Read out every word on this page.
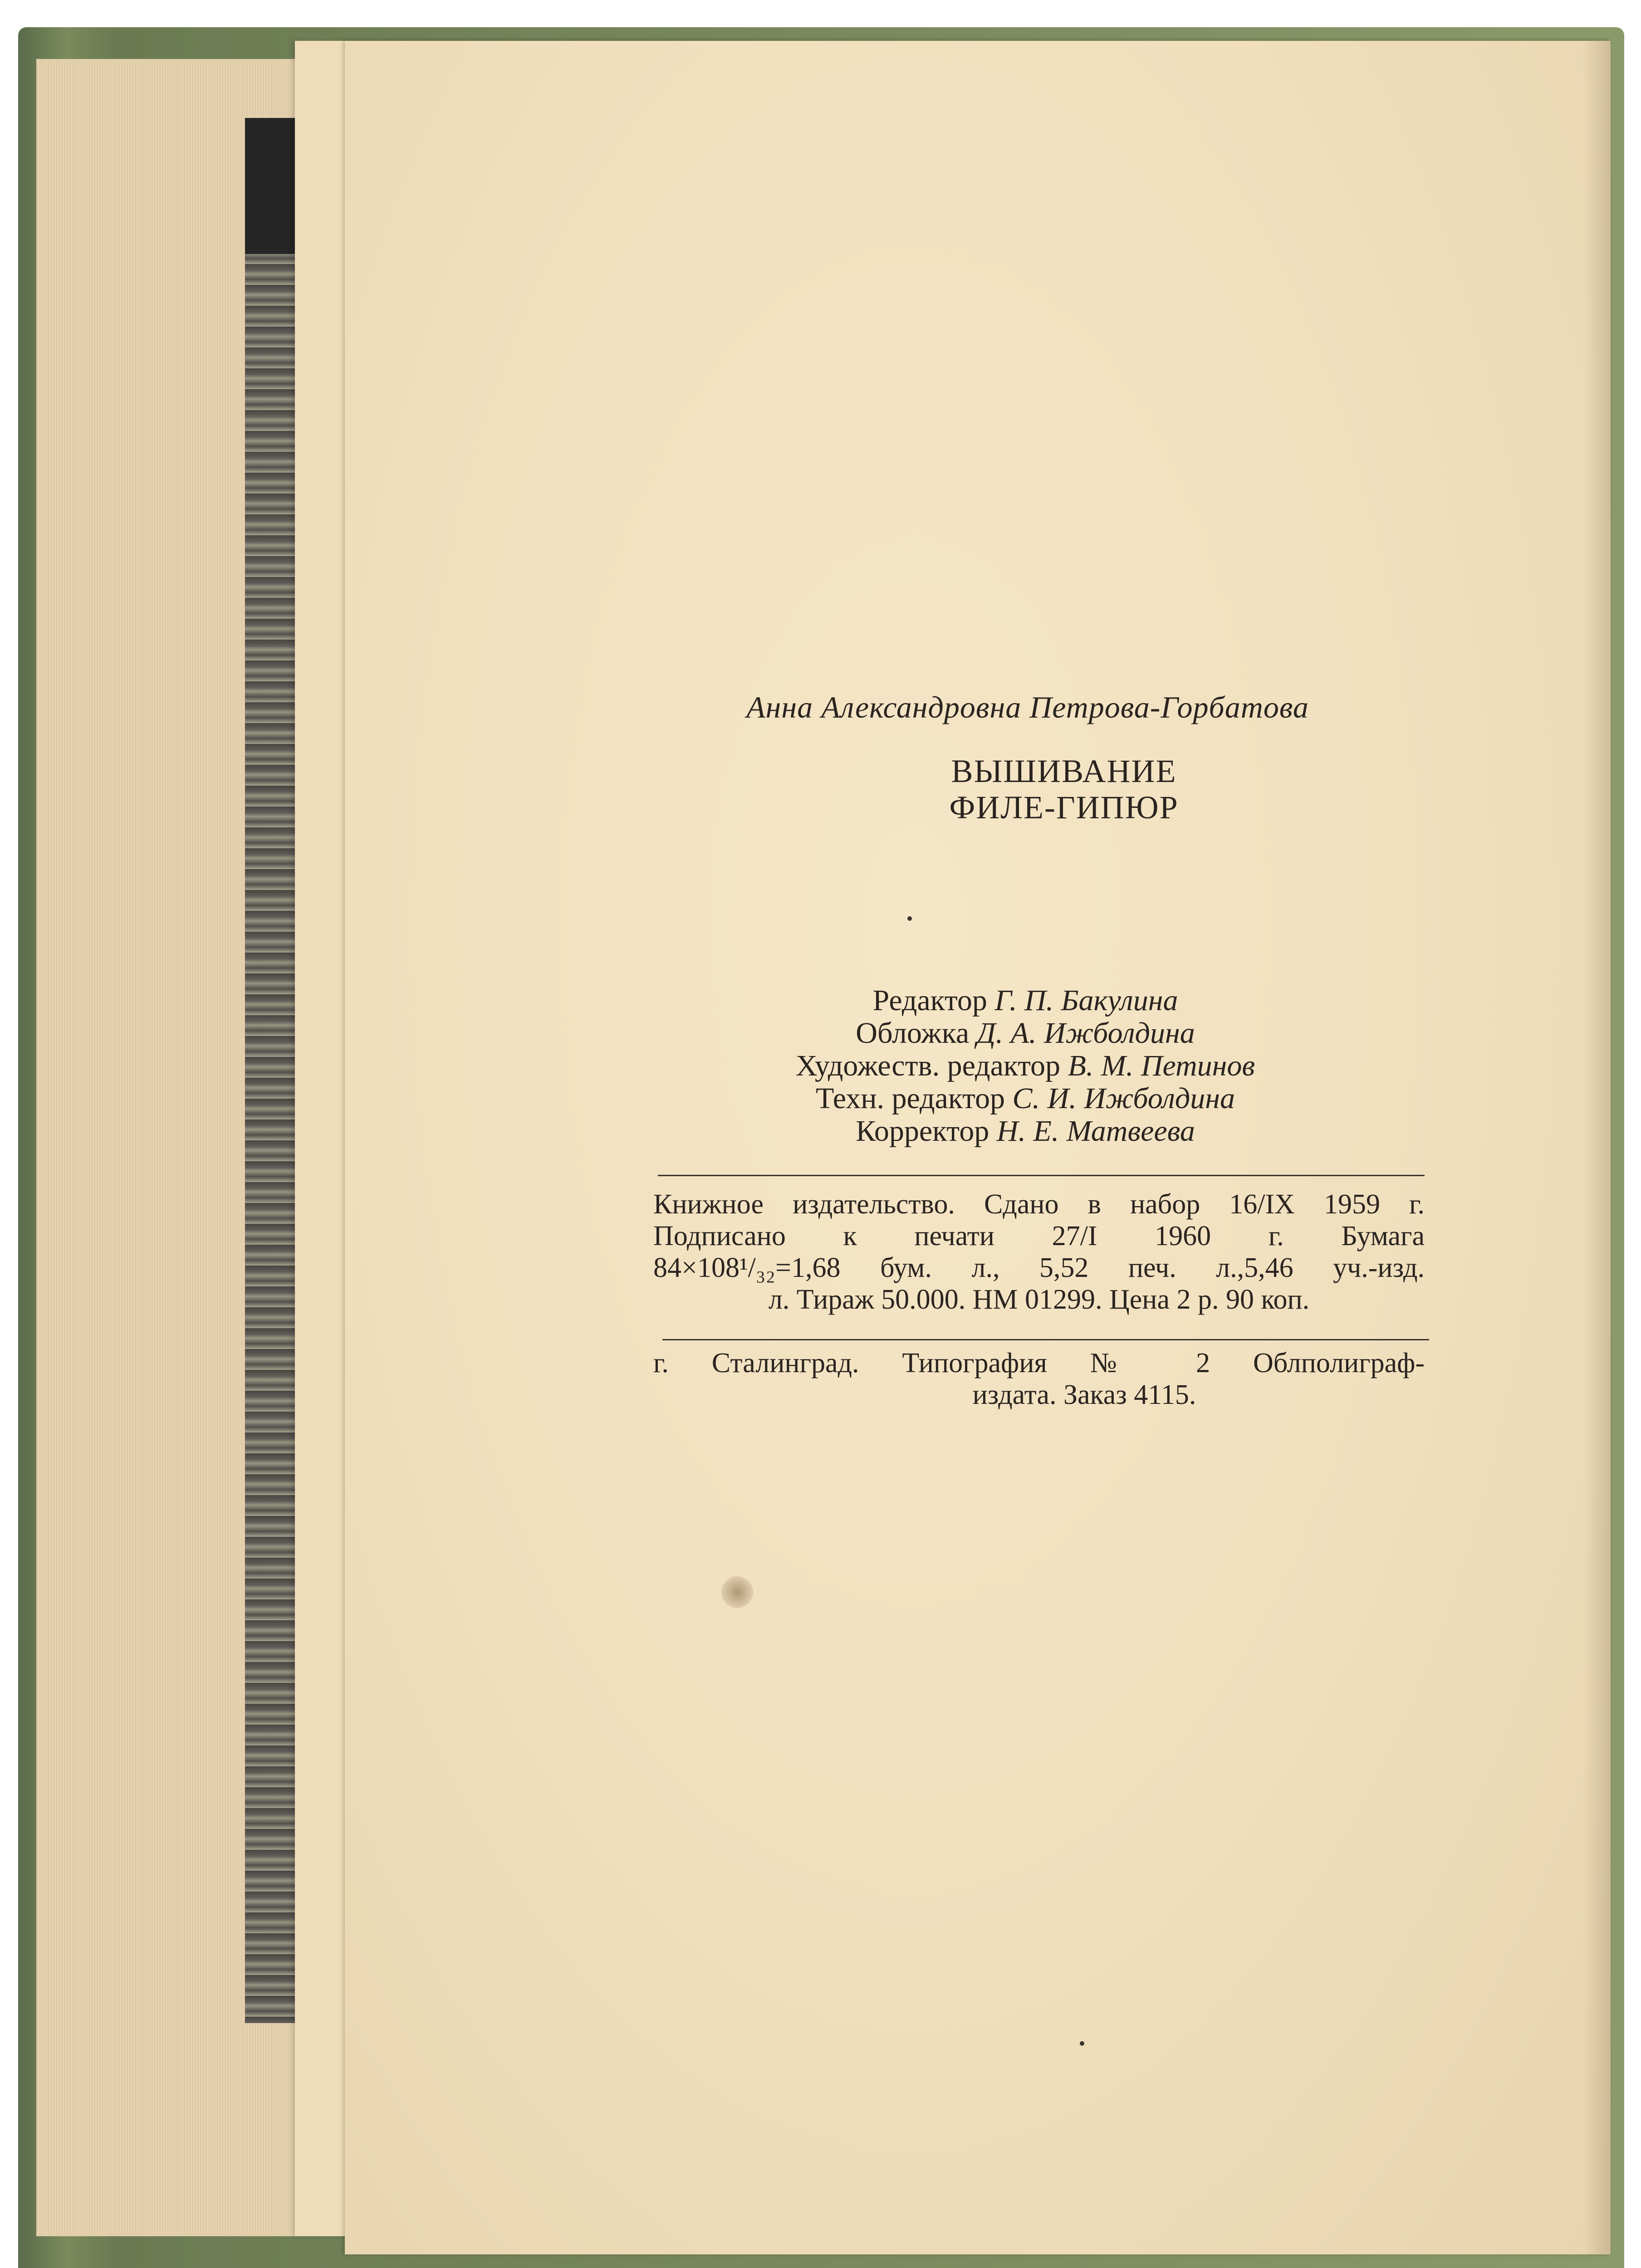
Анна Александровна Петрова-Горбатова
ВЫШИВАНИЕ
ФИЛЕ-ГИПЮР
Редактор Г. П. Бакулина
Обложка Д. А. Ижболдина
Художеств. редактор В. М. Петинов
Техн. редактор С. И. Ижболдина
Корректор Н. Е. Матвеева
Книжное издательство. Сдано в набор 16/IX 1959 г.
Подписано к печати 27/I 1960 г. Бумага
84×108¹/₃₂=1,68 бум. л., 5,52 печ. л.,5,46 уч.-изд.
л. Тираж 50.000. НМ 01299. Цена 2 р. 90 коп.
г. Сталинград. Типография № 2 Облполиграф-
издата. Заказ 4115.
